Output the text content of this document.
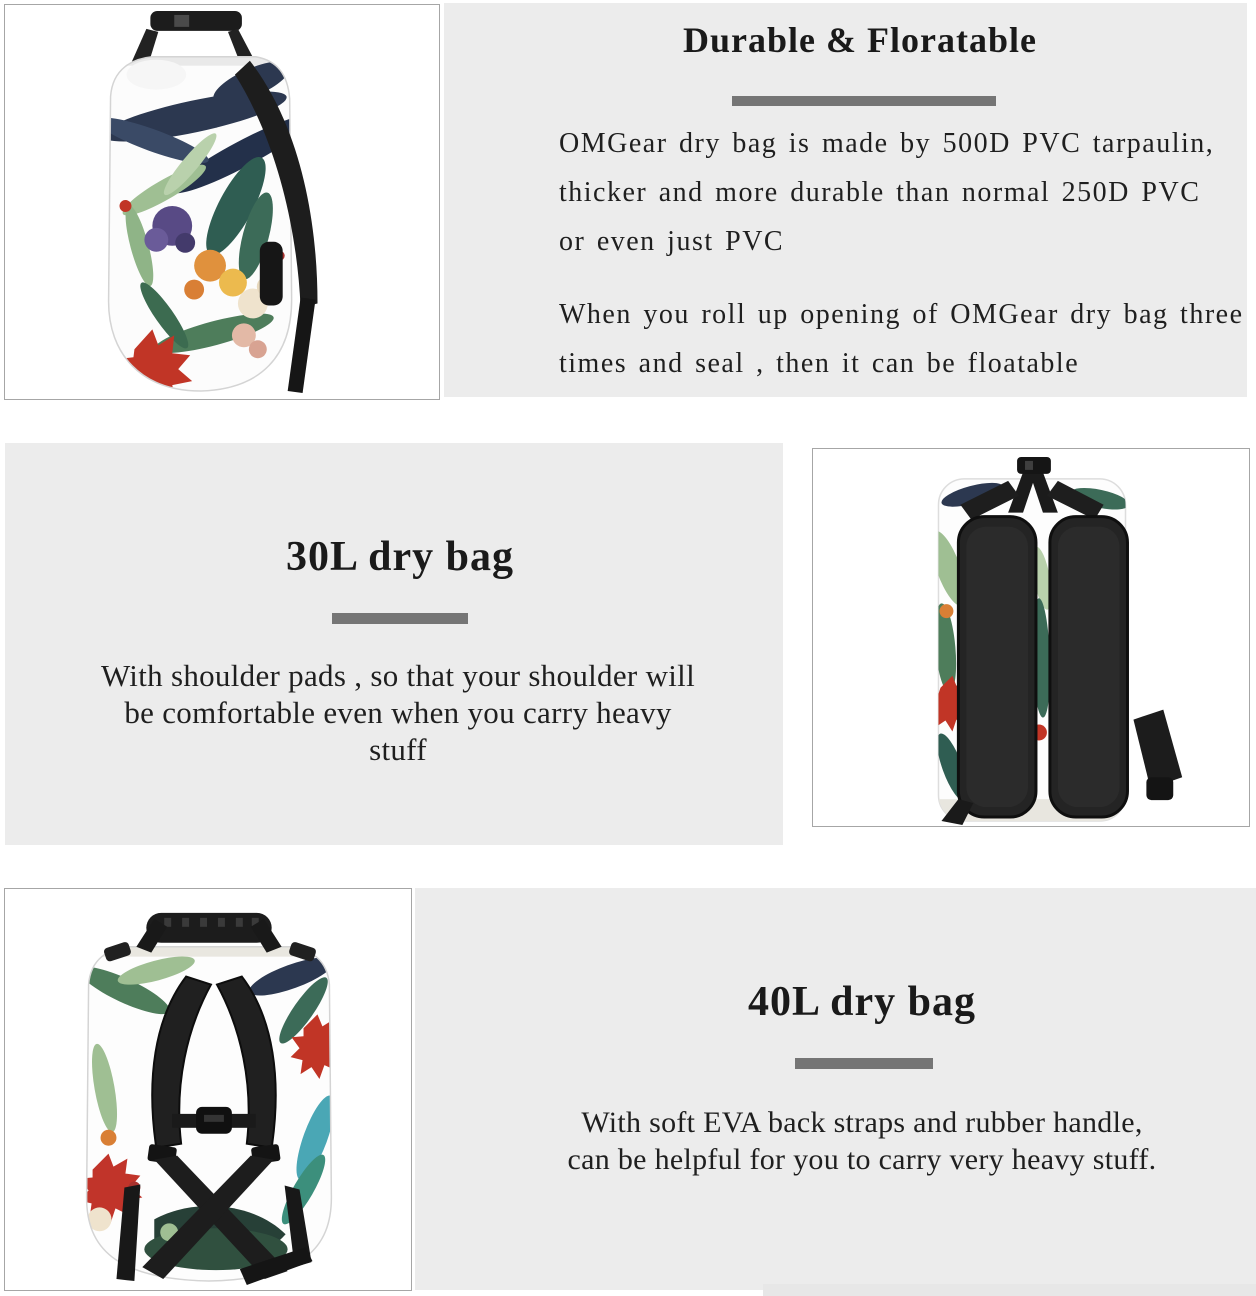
Durable & Floratable
OMGear dry bag is made by 500D PVC tarpaulin,
thicker and more durable than normal 250D PVC
or even just PVC
When you roll up opening of OMGear dry bag three
times and seal , then it can be floatable
30L dry bag
With shoulder pads , so that your shoulder will
be comfortable even when you carry heavy stuff
40L dry bag
With soft EVA back straps and rubber handle,
can be helpful for you to carry very heavy stuff.
